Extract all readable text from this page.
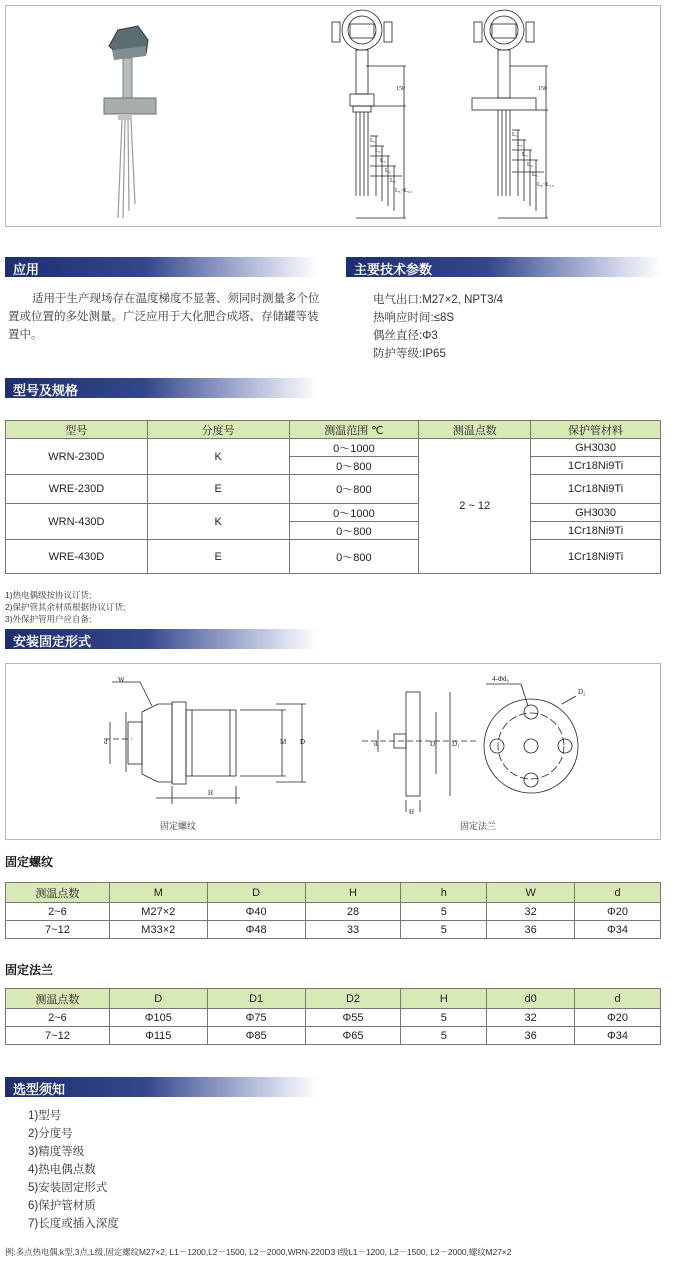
L₁
L₂
L₃
L₄
L₅
L₆~L₁₂
150
L₁
L₂
L₃
L₄
L₅
L₆~L₁₂
150
应用
适用于生产现场存在温度梯度不显著、须同时测量多个位置或位置的多处测量。广泛应用于大化肥合成塔、存储罐等装置中。
主要技术参数
电气出口:M27×2, NPT3/4
热响应时间:≤8S
偶丝直径:Φ3
防护等级:IP65
型号及规格
型号	分度号	测温范围 ℃	测温点数	保护管材料
WRN-230D	K	0～1000	2 ~ 12	GH3030
		0～800		1Cr18Ni9Ti
WRE-230D	E	0～800		1Cr18Ni9Ti
WRN-430D	K	0～1000		GH3030
		0～800		1Cr18Ni9Ti
WRE-430D	E	0～800		1Cr18Ni9Ti
1)热电偶级按协议订货;
2)保护管其余材质根据协议订货;
3)外保护管用户应自备;
安装固定形式
W
d	M D
H
d	D D₁
H
4-Φd₀
D₂
固定螺纹	固定法兰
固定螺纹
测温点数	M	D	H	h	W	d
2~6	M27×2	Φ40	28	5	32	Φ20
7~12	M33×2	Φ48	33	5	36	Φ34
固定法兰
测温点数	D	D1	D2	H	d0	d
2~6	Φ105	Φ75	Φ55	5	32	Φ20
7~12	Φ115	Φ85	Φ65	5	36	Φ34
选型须知
1)型号
2)分度号
3)精度等级
4)热电偶点数
5)安装固定形式
6)保护管材质
7)长度或插入深度
例:多点热电偶,k型,3点,L级,固定螺纹M27×2, L1－1200,L2－1500, L2－2000,WRN-220D3 I级L1－1200, L2－1500, L2－2000,螺纹M27×2
